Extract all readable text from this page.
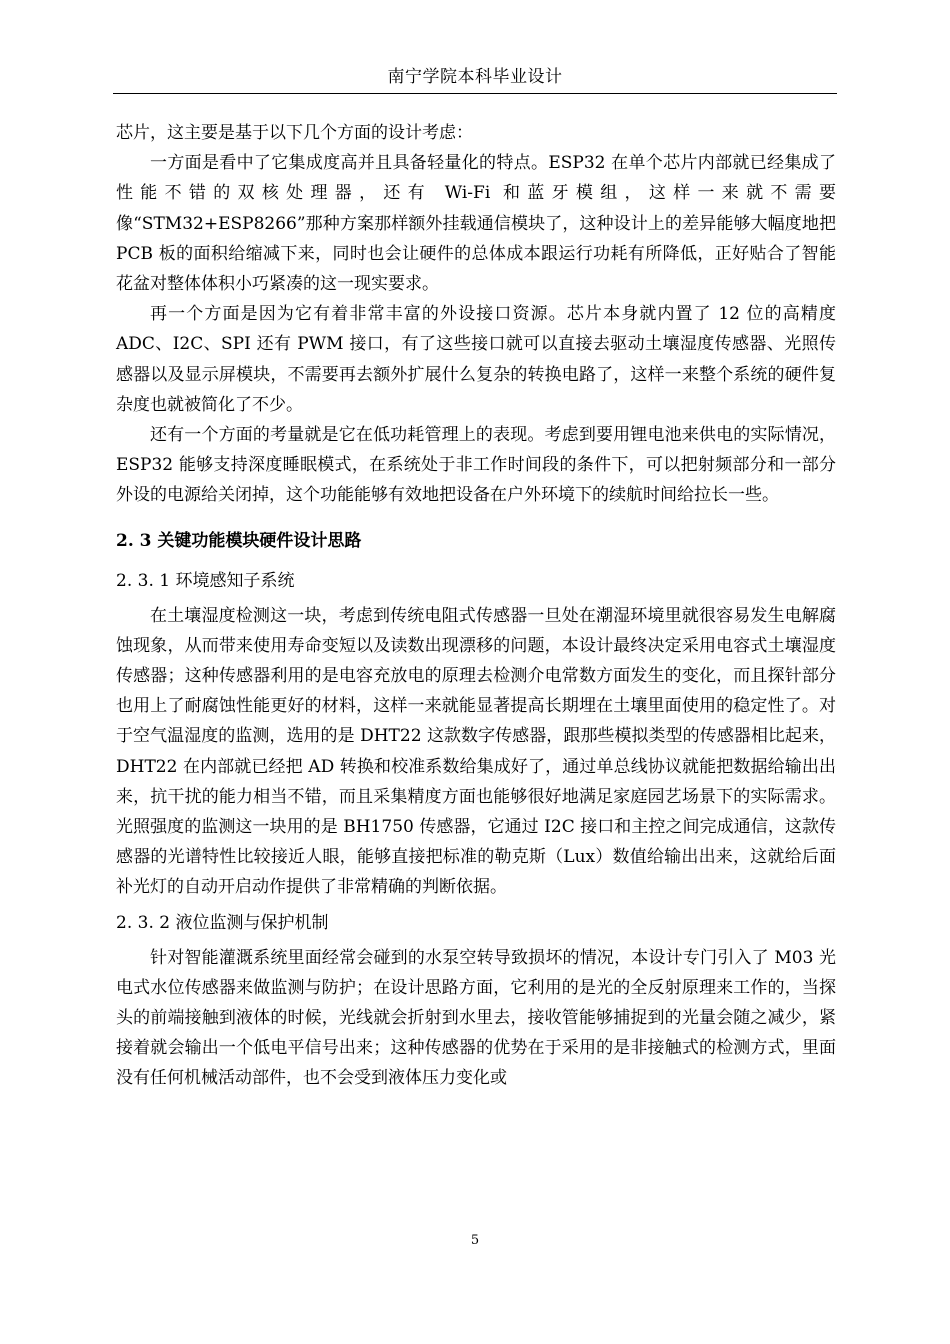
南宁学院本科毕业设计

芯片，这主要是基于以下几个方面的设计考虑：

一方面是看中了它集成度高并且具备轻量化的特点。ESP32 在单个芯片内部就已经集成了性能不错的双核处理器，还有 Wi-Fi 和蓝牙模组，这样一来就不需要像“STM32+ESP8266”那种方案那样额外挂载通信模块了，这种设计上的差异能够大幅度地把 PCB 板的面积给缩减下来，同时也会让硬件的总体成本跟运行功耗有所降低，正好贴合了智能花盆对整体体积小巧紧凑的这一现实要求。

再一个方面是因为它有着非常丰富的外设接口资源。芯片本身就内置了 12 位的高精度 ADC、I2C、SPI 还有 PWM 接口，有了这些接口就可以直接去驱动土壤湿度传感器、光照传感器以及显示屏模块，不需要再去额外扩展什么复杂的转换电路了，这样一来整个系统的硬件复杂度也就被简化了不少。

还有一个方面的考量就是它在低功耗管理上的表现。考虑到要用锂电池来供电的实际情况，ESP32 能够支持深度睡眠模式，在系统处于非工作时间段的条件下，可以把射频部分和一部分外设的电源给关闭掉，这个功能能够有效地把设备在户外环境下的续航时间给拉长一些。

2. 3 关键功能模块硬件设计思路
2. 3. 1 环境感知子系统

在土壤湿度检测这一块，考虑到传统电阻式传感器一旦处在潮湿环境里就很容易发生电解腐蚀现象，从而带来使用寿命变短以及读数出现漂移的问题，本设计最终决定采用电容式土壤湿度传感器；这种传感器利用的是电容充放电的原理去检测介电常数方面发生的变化，而且探针部分也用上了耐腐蚀性能更好的材料，这样一来就能显著提高长期埋在土壤里面使用的稳定性了。对于空气温湿度的监测，选用的是 DHT22 这款数字传感器，跟那些模拟类型的传感器相比起来，DHT22 在内部就已经把 AD 转换和校准系数给集成好了，通过单总线协议就能把数据给输出出来，抗干扰的能力相当不错，而且采集精度方面也能够很好地满足家庭园艺场景下的实际需求。光照强度的监测这一块用的是 BH1750 传感器，它通过 I2C 接口和主控之间完成通信，这款传感器的光谱特性比较接近人眼，能够直接把标准的勒克斯（Lux）数值给输出出来，这就给后面补光灯的自动开启动作提供了非常精确的判断依据。

2. 3. 2 液位监测与保护机制

针对智能灌溉系统里面经常会碰到的水泵空转导致损坏的情况，本设计专门引入了 M03 光电式水位传感器来做监测与防护；在设计思路方面，它利用的是光的全反射原理来工作的，当探头的前端接触到液体的时候，光线就会折射到水里去，接收管能够捕捉到的光量会随之减少，紧接着就会输出一个低电平信号出来；这种传感器的优势在于采用的是非接触式的检测方式，里面没有任何机械活动部件，也不会受到液体压力变化或

5
